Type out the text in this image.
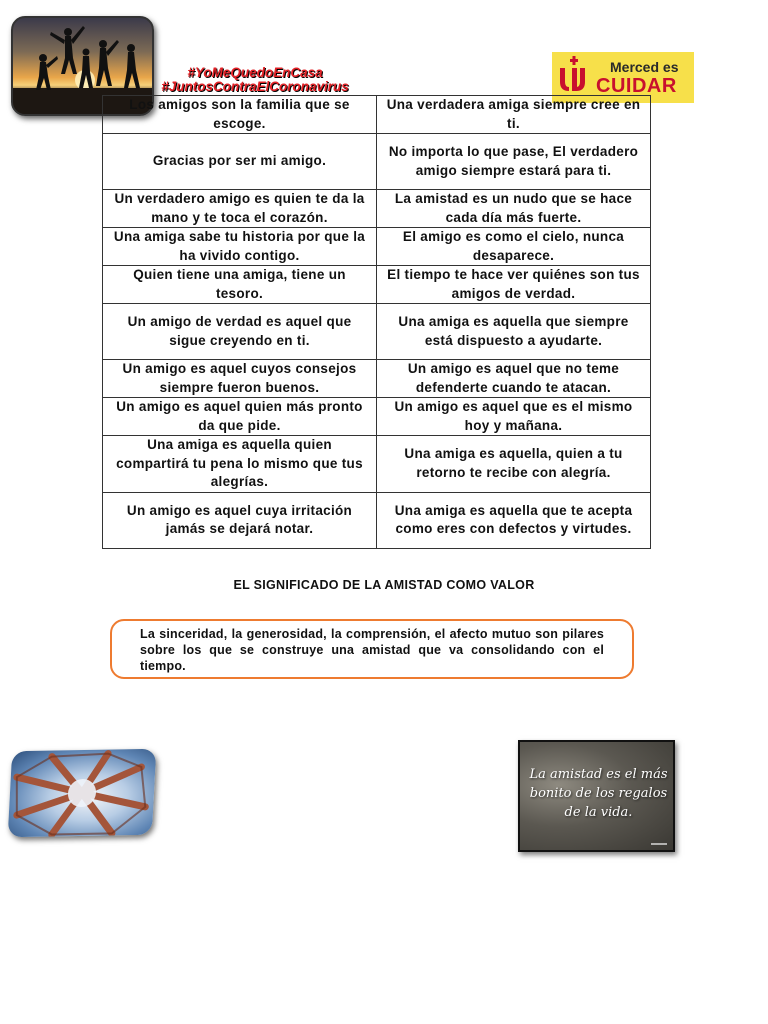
#YoMeQuedoEnCasa
#JuntosContraElCoronavirus
Merced es
CUIDAR
Los amigos son la familia que se escoge.	Una verdadera amiga siempre cree en ti.
Gracias por ser mi amigo.	No importa lo que pase, El verdadero amigo siempre estará para ti.
Un verdadero amigo es quien te da la mano y te toca el corazón.	La amistad es un nudo que se hace cada día más fuerte.
Una amiga sabe tu historia por que la ha vivido contigo.	El amigo es como el cielo, nunca desaparece.
Quien tiene una amiga, tiene un tesoro.	El tiempo te hace ver quiénes son tus amigos de verdad.
Un amigo de verdad es aquel que sigue creyendo en ti.	Una amiga es aquella que siempre está dispuesto a ayudarte.
Un amigo es aquel cuyos consejos siempre fueron buenos.	Un amigo es aquel que no teme defenderte cuando te atacan.
Un amigo es aquel quien más pronto da que pide.	Un amigo es aquel que es el mismo hoy y mañana.
Una amiga es aquella quien compartirá tu pena lo mismo que tus alegrías.	Una amiga es aquella, quien a tu retorno te recibe con alegría.
Un amigo es aquel cuya irritación jamás se dejará notar.	Una amiga es aquella que te acepta como eres con defectos y virtudes.
EL SIGNIFICADO DE LA AMISTAD COMO VALOR
La sinceridad, la generosidad, la comprensión, el afecto mutuo son pilares sobre los que se construye una amistad que va consolidando con el tiempo.
La amistad es el más bonito de los regalos de la vida.
